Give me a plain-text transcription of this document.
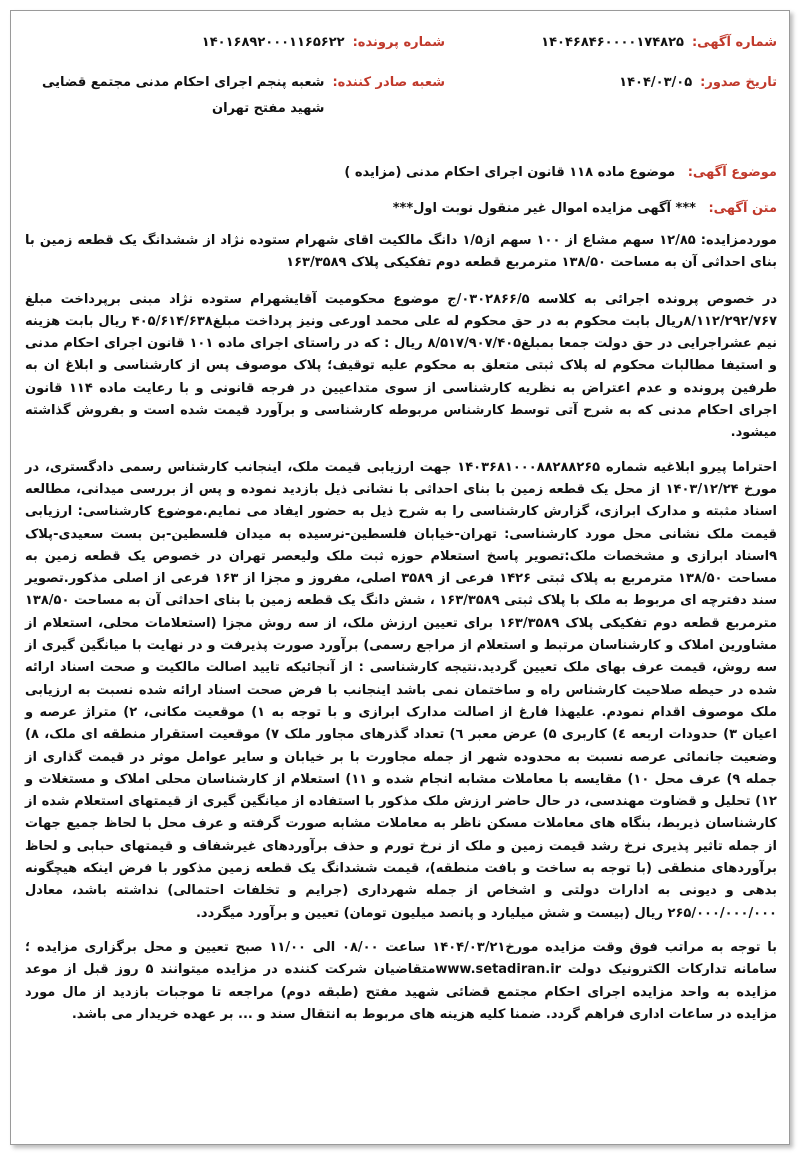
شماره آگهی:
۱۴۰۴۶۸۴۶۰۰۰۰۱۷۴۸۲۵
تاریخ صدور:
۱۴۰۴/۰۳/۰۵
شماره پرونده:
۱۴۰۱۶۸۹۲۰۰۰۱۱۶۵۶۲۲
شعبه صادر کننده:
شعبه پنجم اجرای احکام مدنی مجتمع قضایی شهید مفتح تهران
موضوع آگهی: موضوع ماده ۱۱۸ قانون اجرای احکام مدنی (مزایده )
متن آگهی: *** آگهی مزایده اموال غیر منقول نوبت اول***

موردمزایده: ۱۲/۸۵ سهم مشاع از ۱۰۰ سهم از۱/۵ دانگ مالکیت اقای شهرام ستوده نژاد از ششدانگ یک قطعه زمین با بنای احداثی آن به مساحت ۱۳۸/۵۰ مترمربع قطعه دوم تفکیکی پلاک ۱۶۳/۳۵۸۹

در خصوص پرونده اجرائی به کلاسه ۰۳۰۲۸۶۶/۵/ج موضوع محکومیت آقایشهرام ستوده نژاد مبنی برپرداخت مبلغ ۸/۱۱۲/۲۹۲/۷۶۷ریال بابت محکوم به در حق محکوم له علی محمد اورعی ونیز پرداخت مبلغ۴۰۵/۶۱۴/۶۳۸ ریال بابت هزینه نیم عشراجرایی در حق دولت جمعا بمبلغ۸/۵۱۷/۹۰۷/۴۰۵ ریال : که در راستای اجرای ماده ۱۰۱ قانون اجرای احکام مدنی و استیفا مطالبات محکوم له پلاک ثبتی متعلق به محکوم علیه توقیف؛ پلاک موصوف پس از کارشناسی و ابلاغ ان به طرفین پرونده و عدم اعتراض به نظریه کارشناسی از سوی متداعیین در فرجه قانونی و با رعایت ماده ۱۱۴ قانون اجرای احکام مدنی که به شرح آتی توسط کارشناس مربوطه کارشناسی و برآورد قیمت شده است و بفروش گذاشته میشود.

احتراما پیرو ابلاغیه شماره ۱۴۰۳۶۸۱۰۰۰۸۸۲۸۸۲۶۵ جهت ارزیابی قیمت ملک، اینجانب کارشناس رسمی دادگستری، در مورخ ۱۴۰۳/۱۲/۲۴ از محل یک قطعه زمین با بنای احداثی با نشانی ذیل بازدید نموده و پس از بررسی میدانی، مطالعه اسناد مثبته و مدارک ابرازی، گزارش کارشناسی را به شرح ذیل به حضور ایفاد می نمایم.موضوع کارشناسی: ارزیابی قیمت ملک نشانی محل مورد کارشناسی: تهران-خیابان فلسطین-نرسیده به میدان فلسطین-بن بست سعیدی-پلاک ۹اسناد ابرازی و مشخصات ملک:تصویر پاسخ استعلام حوزه ثبت ملک ولیعصر تهران در خصوص یک قطعه زمین به مساحت ۱۳۸/۵۰ مترمربع به پلاک ثبتی ۱۴۲۶ فرعی از ۳۵۸۹ اصلی، مفروز و مجزا از ۱۶۳ فرعی از اصلی مذکور.تصویر سند دفترچه ای مربوط به ملک با پلاک ثبتی ۱۶۳/۳۵۸۹ ، شش دانگ یک قطعه زمین با بنای احداثی آن به مساحت ۱۳۸/۵۰ مترمربع قطعه دوم تفکیکی پلاک ۱۶۳/۳۵۸۹ برای تعیین ارزش ملک، از سه روش مجزا (استعلامات محلی، استعلام از مشاورین املاک و کارشناسان مرتبط و استعلام از مراجع رسمی) برآورد صورت پذیرفت و در نهایت با میانگین گیری از سه روش، قیمت عرف بهای ملک تعیین گردید.نتیجه کارشناسی : از آنجائیکه تایید اصالت مالکیت و صحت اسناد ارائه شده در حیطه صلاحیت کارشناس راه و ساختمان نمی باشد اینجانب با فرض صحت اسناد ارائه شده نسبت به ارزیابی ملک موصوف اقدام نمودم. علیهذا فارغ از اصالت مدارک ابرازی و با توجه به ۱) موقعیت مکانی، ۲) متراژ عرصه و اعیان ۳) حدودات اربعه ٤) کاربری ۵) عرض معبر ٦) تعداد گذرهای مجاور ملک ۷) موقعیت استقرار منطقه ای ملک، ۸) وضعیت جانمائی عرصه نسبت به محدوده شهر از جمله مجاورت با بر خیابان و سایر عوامل موثر در قیمت گذاری از جمله ۹) عرف محل ۱۰) مقایسه با معاملات مشابه انجام شده و ۱۱) استعلام از کارشناسان محلی املاک و مستغلات و ۱۲) تحلیل و قضاوت مهندسی، در حال حاضر ارزش ملک مذکور با استفاده از میانگین گیری از قیمتهای استعلام شده از کارشناسان ذیربط، بنگاه های معاملات مسکن ناظر به معاملات مشابه صورت گرفته و عرف محل با لحاظ جمیع جهات از جمله تاثیر پذیری نرخ رشد قیمت زمین و ملک از نرخ تورم و حذف برآوردهای غیرشفاف و قیمتهای حبابی و لحاظ برآوردهای منطقی (با توجه به ساخت و بافت منطقه)، قیمت ششدانگ یک قطعه زمین مذکور با فرض اینکه هیچگونه بدهی و دیونی به ادارات دولتی و اشخاص از جمله شهرداری (جرایم و تخلفات احتمالی) نداشته باشد، معادل ۲۶۵/۰۰۰/۰۰۰/۰۰۰ ریال (بیست و شش میلیارد و پانصد میلیون تومان) تعیین و برآورد میگردد.

با توجه به مراتب فوق وقت مزایده مورخ۱۴۰۴/۰۳/۲۱ ساعت ۰۸/۰۰ الی ۱۱/۰۰ صبح تعیین و محل برگزاری مزایده ؛سامانه تدارکات الکترونیک دولت www.setadiran.irمتقاضیان شرکت کننده در مزایده میتوانند ۵ روز قبل از موعد مزایده به واحد مزایده اجرای احکام مجتمع قضائی شهید مفتح (طبقه دوم) مراجعه تا موجبات بازدید از مال مورد مزایده در ساعات اداری فراهم گردد. ضمنا کلیه هزینه های مربوط به انتقال سند و ... بر عهده خریدار می باشد.
